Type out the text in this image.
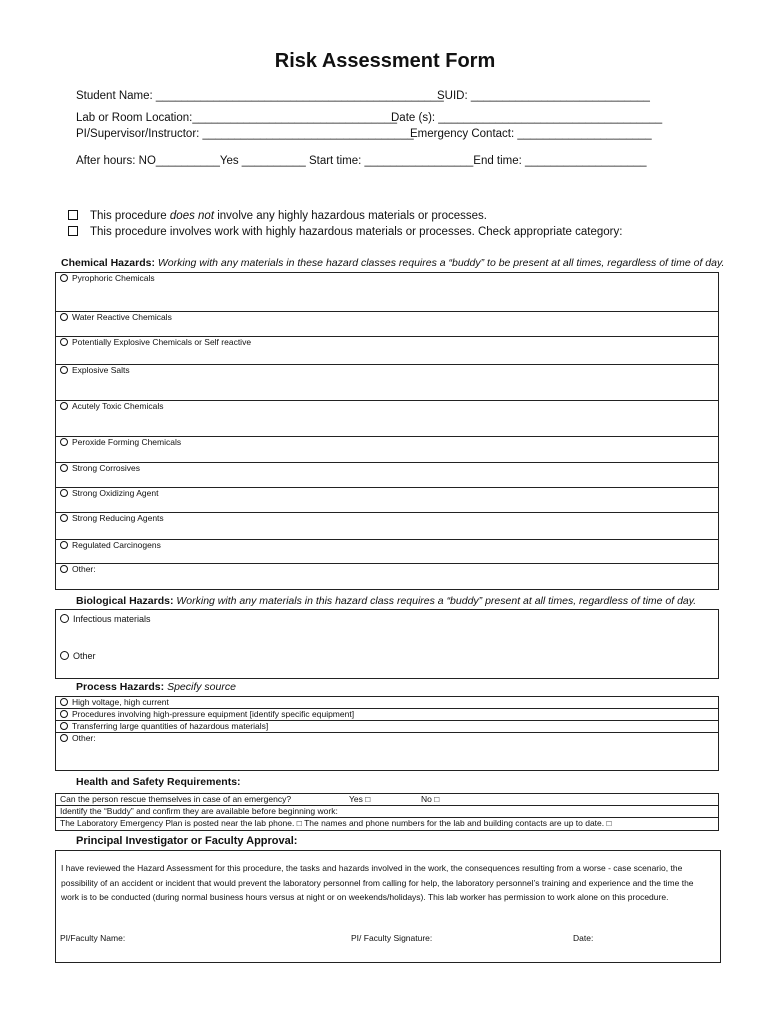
Risk Assessment Form
Student Name: _____________________________________________
SUID: ____________________________
Lab or Room Location:________________________________
Date (s): ___________________________________
PI/Supervisor/Instructor: _________________________________
Emergency Contact: _____________________
After hours: NO__________Yes __________ Start time: _________________End time: ___________________
This procedure does not involve any highly hazardous materials or processes.
This procedure involves work with highly hazardous materials or processes. Check appropriate category:
Chemical Hazards: Working with any materials in these hazard classes requires a “buddy” to be present at all times, regardless of time of day.
Pyrophoric Chemicals
Water Reactive Chemicals
Potentially Explosive Chemicals or Self reactive
Explosive Salts
Acutely Toxic Chemicals
Peroxide Forming Chemicals
Strong Corrosives
Strong Oxidizing Agent
Strong Reducing Agents
Regulated Carcinogens
Other:
Biological Hazards: Working with any materials in this hazard class requires a “buddy” present at all times, regardless of time of day.
Infectious materials
Other
Process Hazards: Specify source
High voltage, high current
Procedures involving high-pressure equipment [identify specific equipment]
Transferring large quantities of hazardous materials]
Other:
Health and Safety Requirements:
Can the person rescue themselves in case of an emergency?	Yes □	No □

Identify the “Buddy” and confirm they are available before beginning work:
The Laboratory Emergency Plan is posted near the lab phone. □ The names and phone numbers for the lab and building contacts are up to date. □
Principal Investigator or Faculty Approval:

I have reviewed the Hazard Assessment for this procedure, the tasks and hazards involved in the work, the consequences resulting from a worse - case scenario, the possibility of an accident or incident that would prevent the laboratory personnel from calling for help, the laboratory personnel’s training and experience and the time the work is to be conducted (during normal business hours versus at night or on weekends/holidays). This lab worker has permission to work alone on this procedure.

PI/Faculty Name:	PI/ Faculty Signature:	Date:
